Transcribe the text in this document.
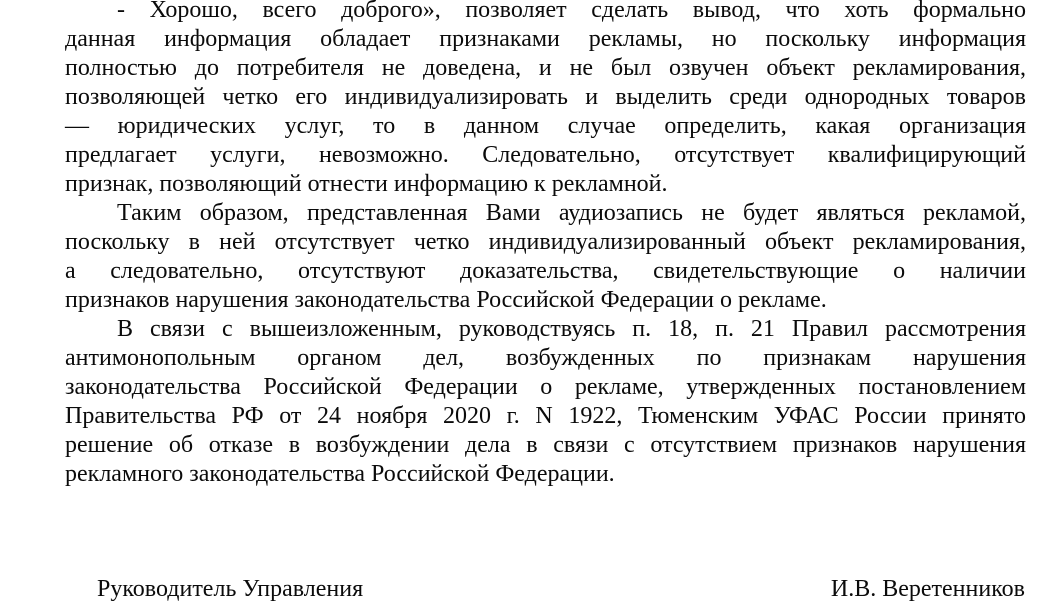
- Хорошо, всего доброго», позволяет сделать вывод, что хоть формально
данная информация обладает признаками рекламы, но поскольку информация
полностью до потребителя не доведена, и не был озвучен объект рекламирования,
позволяющей четко его индивидуализировать и выделить среди однородных товаров
— юридических услуг, то в данном случае определить, какая организация
предлагает услуги, невозможно. Следовательно, отсутствует квалифицирующий
признак, позволяющий отнести информацию к рекламной.
Таким образом, представленная Вами аудиозапись не будет являться рекламой,
поскольку в ней отсутствует четко индивидуализированный объект рекламирования,
а следовательно, отсутствуют доказательства, свидетельствующие о наличии
признаков нарушения законодательства Российской Федерации о рекламе.
В связи с вышеизложенным, руководствуясь п. 18, п. 21 Правил рассмотрения
антимонопольным органом дел, возбужденных по признакам нарушения
законодательства Российской Федерации о рекламе, утвержденных постановлением
Правительства РФ от 24 ноября 2020 г. N 1922, Тюменским УФАС России принято
решение об отказе в возбуждении дела в связи с отсутствием признаков нарушения
рекламного законодательства Российской Федерации.
Руководитель Управления	И.В. Веретенников
